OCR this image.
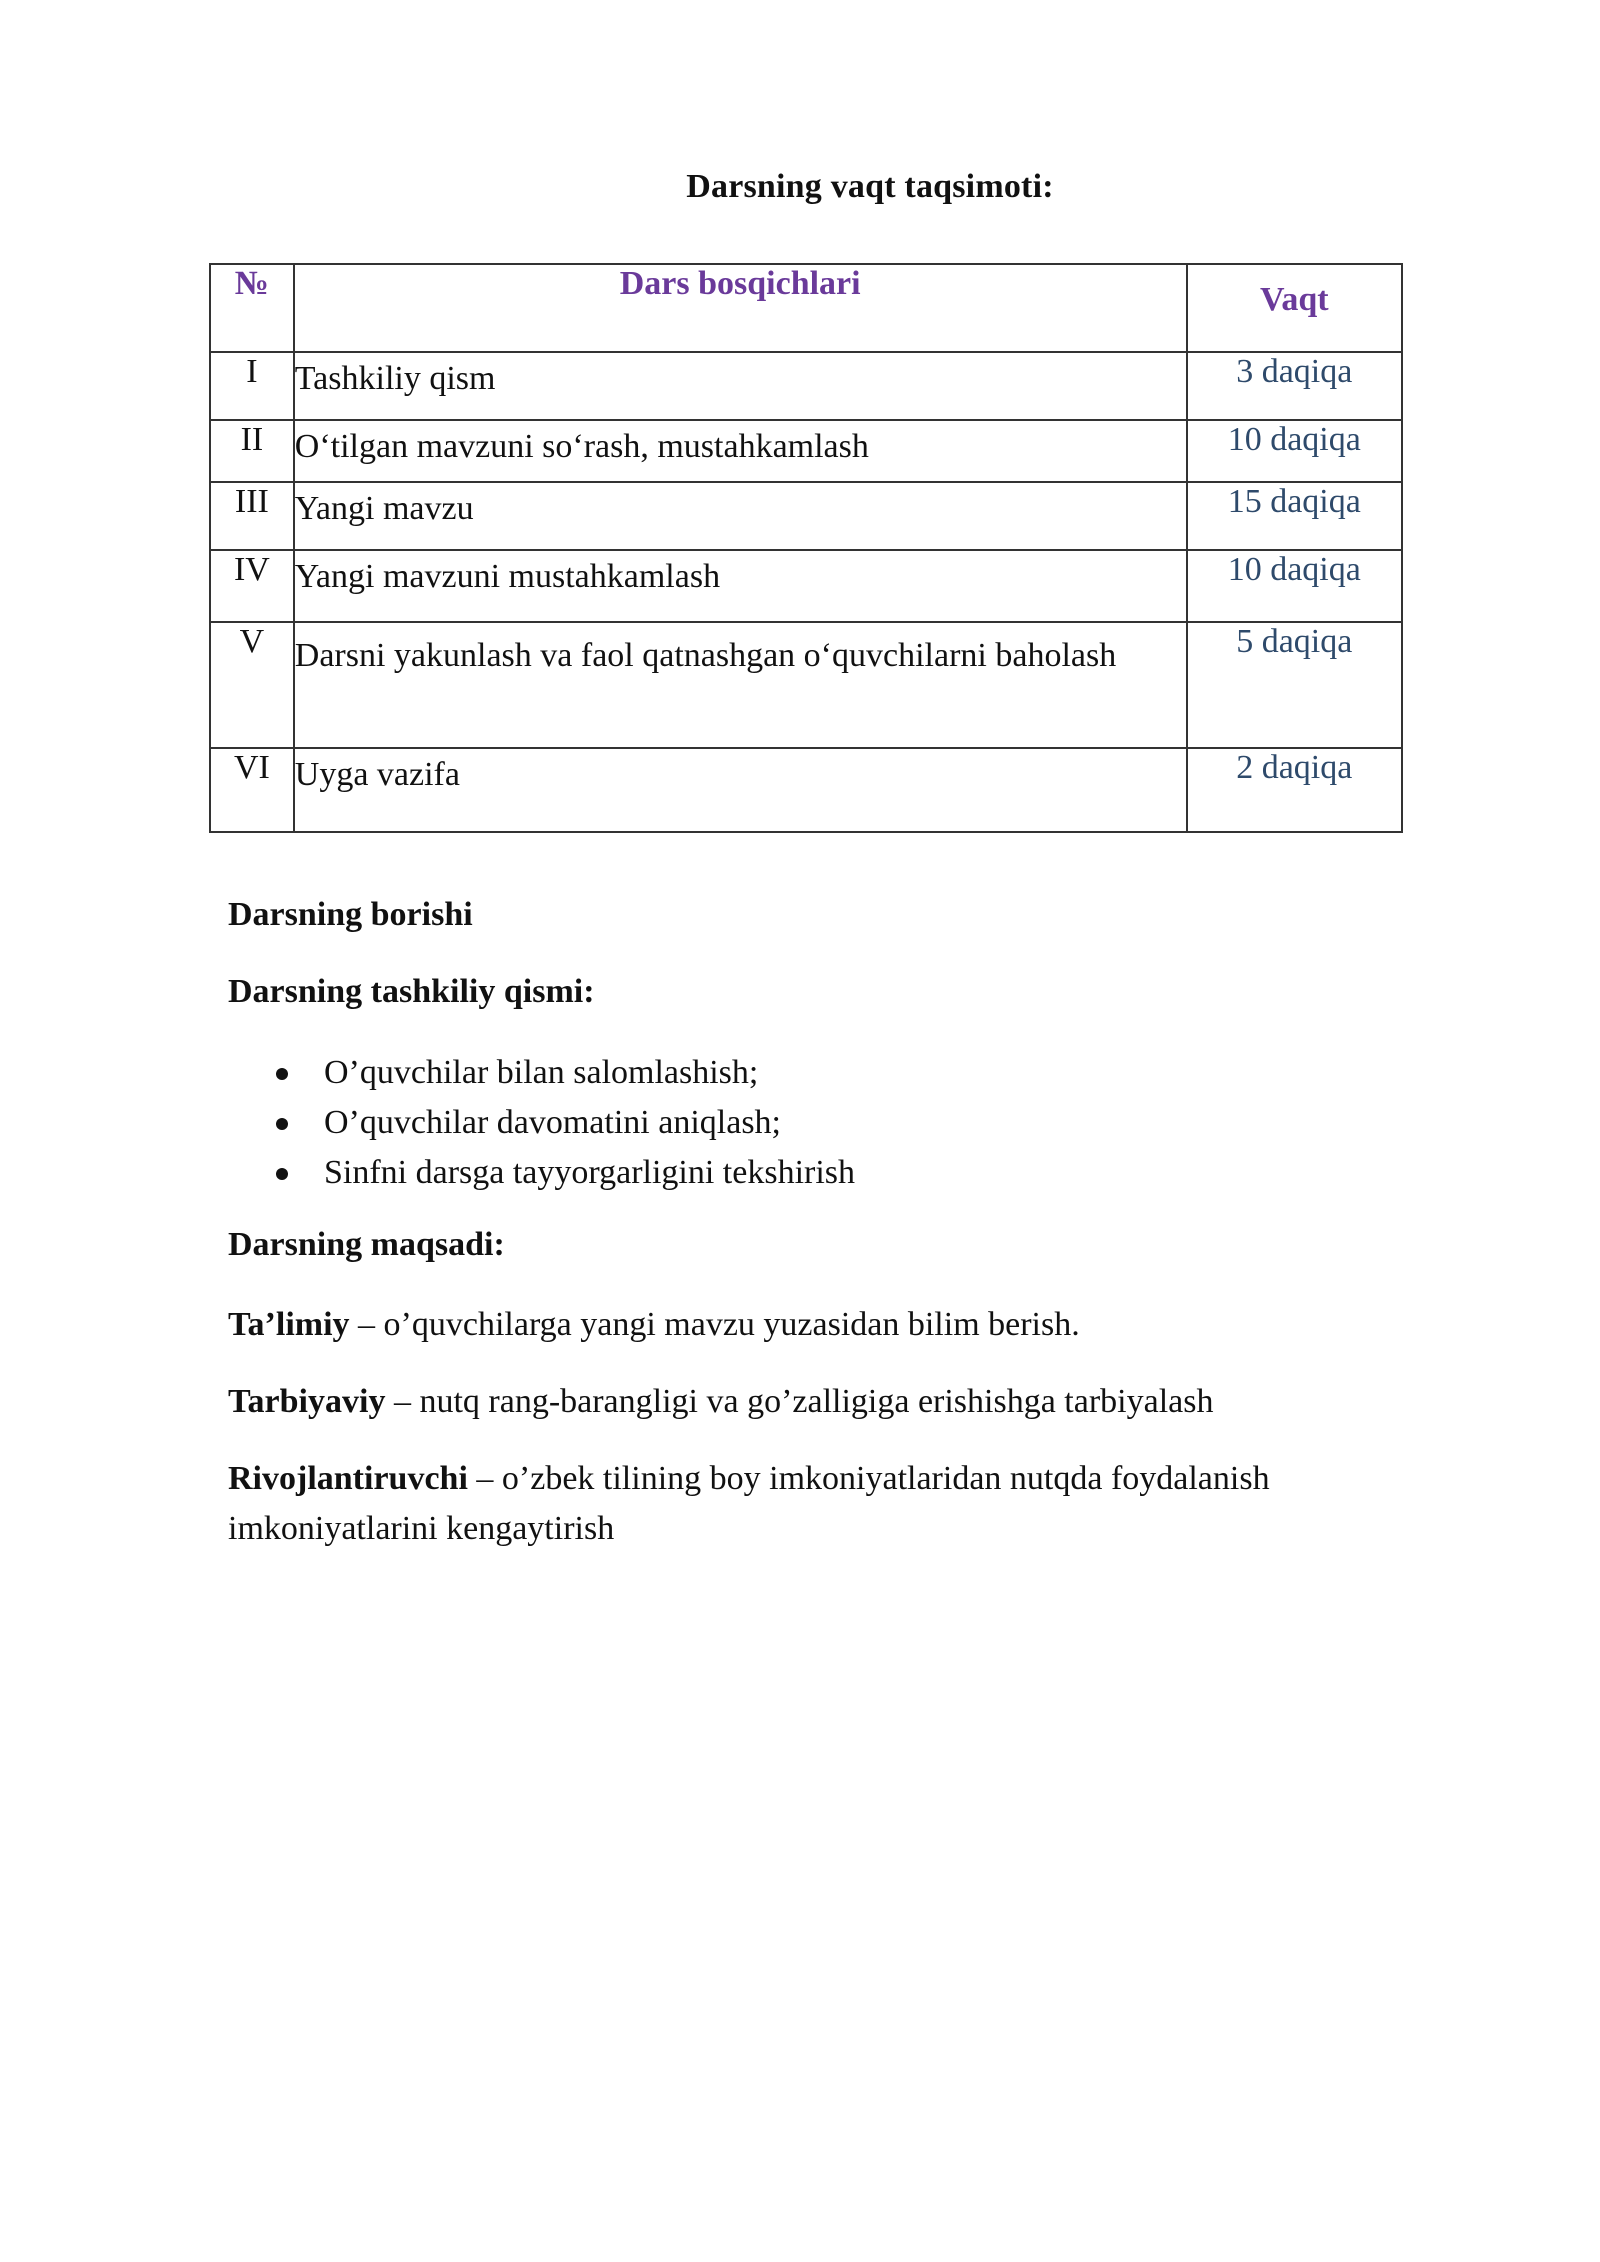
Darsning vaqt taqsimoti:
№	Dars bosqichlari	Vaqt
I	Tashkiliy qism	3 daqiqa
II	O‘tilgan mavzuni so‘rash, mustahkamlash	10 daqiqa
III	Yangi mavzu	15 daqiqa
IV	Yangi mavzuni mustahkamlash	10 daqiqa
V	Darsni yakunlash va faol qatnashgan o‘quvchilarni baholash	5 daqiqa
VI	Uyga vazifa	2 daqiqa
Darsning borishi
Darsning tashkiliy qismi:
O’quvchilar bilan salomlashish;
O’quvchilar davomatini aniqlash;
Sinfni darsga tayyorgarligini tekshirish
Darsning maqsadi:
Ta’limiy – o’quvchilarga yangi mavzu yuzasidan bilim berish.
Tarbiyaviy – nutq rang-barangligi va go’zalligiga erishishga tarbiyalash
Rivojlantiruvchi – o’zbek tilining boy imkoniyatlaridan nutqda foydalanish imkoniyatlarini kengaytirish
